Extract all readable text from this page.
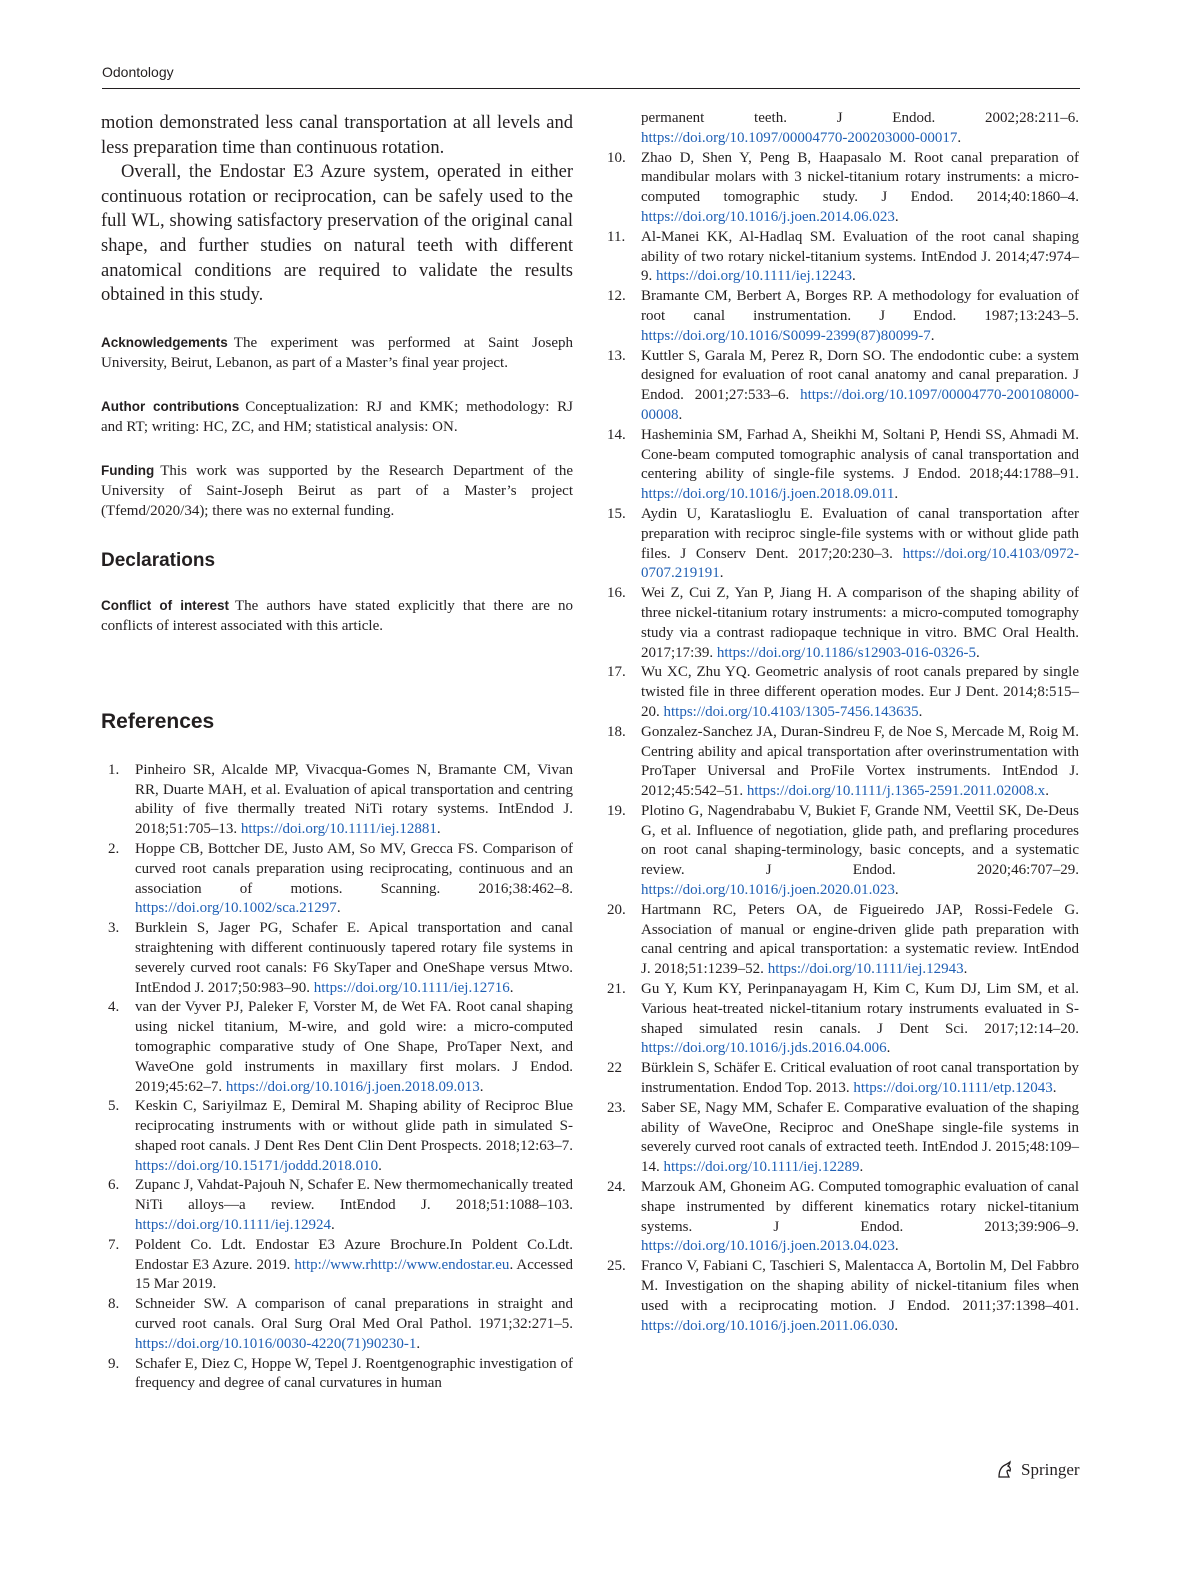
Odontology

motion demonstrated less canal transportation at all levels and less preparation time than continuous rotation.

Overall, the Endostar E3 Azure system, operated in either continuous rotation or reciprocation, can be safely used to the full WL, showing satisfactory preservation of the original canal shape, and further studies on natural teeth with different anatomical conditions are required to validate the results obtained in this study.

Acknowledgements The experiment was performed at Saint Joseph University, Beirut, Lebanon, as part of a Master’s final year project.

Author contributions Conceptualization: RJ and KMK; methodology: RJ and RT; writing: HC, ZC, and HM; statistical analysis: ON.

Funding This work was supported by the Research Department of the University of Saint-Joseph Beirut as part of a Master’s project (Tfemd/2020/34); there was no external funding.

Declarations

Conflict of interest The authors have stated explicitly that there are no conflicts of interest associated with this article.

References
1.	Pinheiro SR, Alcalde MP, Vivacqua-Gomes N, Bramante CM, Vivan RR, Duarte MAH, et al. Evaluation of apical transportation and centring ability of five thermally treated NiTi rotary systems. IntEndod J. 2018;51:705–13. https://doi.org/10.1111/iej.12881.
2.	Hoppe CB, Bottcher DE, Justo AM, So MV, Grecca FS. Comparison of curved root canals preparation using reciprocating, continuous and an association of motions. Scanning. 2016;38:462–8. https://doi.org/10.1002/sca.21297.
3.	Burklein S, Jager PG, Schafer E. Apical transportation and canal straightening with different continuously tapered rotary file systems in severely curved root canals: F6 SkyTaper and OneShape versus Mtwo. IntEndod J. 2017;50:983–90. https://doi.org/10.1111/iej.12716.
4.	van der Vyver PJ, Paleker F, Vorster M, de Wet FA. Root canal shaping using nickel titanium, M-wire, and gold wire: a micro-computed tomographic comparative study of One Shape, ProTaper Next, and WaveOne gold instruments in maxillary first molars. J Endod. 2019;45:62–7. https://doi.org/10.1016/j.joen.2018.09.013.
5.	Keskin C, Sariyilmaz E, Demiral M. Shaping ability of Reciproc Blue reciprocating instruments with or without glide path in simulated S-shaped root canals. J Dent Res Dent Clin Dent Prospects. 2018;12:63–7. https://doi.org/10.15171/joddd.2018.010.
6.	Zupanc J, Vahdat-Pajouh N, Schafer E. New thermomechanically treated NiTi alloys—a review. IntEndod J. 2018;51:1088–103. https://doi.org/10.1111/iej.12924.
7.	Poldent Co. Ldt. Endostar E3 Azure Brochure.In Poldent Co.Ldt. Endostar E3 Azure. 2019. http://www.rhttp://www.endostar.eu. Accessed 15 Mar 2019.
8.	Schneider SW. A comparison of canal preparations in straight and curved root canals. Oral Surg Oral Med Oral Pathol. 1971;32:271–5. https://doi.org/10.1016/0030-4220(71)90230-1.
9.	Schafer E, Diez C, Hoppe W, Tepel J. Roentgenographic investigation of frequency and degree of canal curvatures in human
permanent teeth. J Endod. 2002;28:211–6. https://doi.org/10.1097/00004770-200203000-00017.
10.	Zhao D, Shen Y, Peng B, Haapasalo M. Root canal preparation of mandibular molars with 3 nickel-titanium rotary instruments: a micro-computed tomographic study. J Endod. 2014;40:1860–4. https://doi.org/10.1016/j.joen.2014.06.023.
11.	Al-Manei KK, Al-Hadlaq SM. Evaluation of the root canal shaping ability of two rotary nickel-titanium systems. IntEndod J. 2014;47:974–9. https://doi.org/10.1111/iej.12243.
12.	Bramante CM, Berbert A, Borges RP. A methodology for evaluation of root canal instrumentation. J Endod. 1987;13:243–5. https://doi.org/10.1016/S0099-2399(87)80099-7.
13.	Kuttler S, Garala M, Perez R, Dorn SO. The endodontic cube: a system designed for evaluation of root canal anatomy and canal preparation. J Endod. 2001;27:533–6. https://doi.org/10.1097/00004770-200108000-00008.
14.	Hasheminia SM, Farhad A, Sheikhi M, Soltani P, Hendi SS, Ahmadi M. Cone-beam computed tomographic analysis of canal transportation and centering ability of single-file systems. J Endod. 2018;44:1788–91. https://doi.org/10.1016/j.joen.2018.09.011.
15.	Aydin U, Karataslioglu E. Evaluation of canal transportation after preparation with reciproc single-file systems with or without glide path files. J Conserv Dent. 2017;20:230–3. https://doi.org/10.4103/0972-0707.219191.
16.	Wei Z, Cui Z, Yan P, Jiang H. A comparison of the shaping ability of three nickel-titanium rotary instruments: a micro-computed tomography study via a contrast radiopaque technique in vitro. BMC Oral Health. 2017;17:39. https://doi.org/10.1186/s12903-016-0326-5.
17.	Wu XC, Zhu YQ. Geometric analysis of root canals prepared by single twisted file in three different operation modes. Eur J Dent. 2014;8:515–20. https://doi.org/10.4103/1305-7456.143635.
18.	Gonzalez-Sanchez JA, Duran-Sindreu F, de Noe S, Mercade M, Roig M. Centring ability and apical transportation after overinstrumentation with ProTaper Universal and ProFile Vortex instruments. IntEndod J. 2012;45:542–51. https://doi.org/10.1111/j.1365-2591.2011.02008.x.
19.	Plotino G, Nagendrababu V, Bukiet F, Grande NM, Veettil SK, De-Deus G, et al. Influence of negotiation, glide path, and preflaring procedures on root canal shaping-terminology, basic concepts, and a systematic review. J Endod. 2020;46:707–29. https://doi.org/10.1016/j.joen.2020.01.023.
20.	Hartmann RC, Peters OA, de Figueiredo JAP, Rossi-Fedele G. Association of manual or engine-driven glide path preparation with canal centring and apical transportation: a systematic review. IntEndod J. 2018;51:1239–52. https://doi.org/10.1111/iej.12943.
21.	Gu Y, Kum KY, Perinpanayagam H, Kim C, Kum DJ, Lim SM, et al. Various heat-treated nickel-titanium rotary instruments evaluated in S-shaped simulated resin canals. J Dent Sci. 2017;12:14–20. https://doi.org/10.1016/j.jds.2016.04.006.
22	Bürklein S, Schäfer E. Critical evaluation of root canal transportation by instrumentation. Endod Top. 2013. https://doi.org/10.1111/etp.12043.
23.	Saber SE, Nagy MM, Schafer E. Comparative evaluation of the shaping ability of WaveOne, Reciproc and OneShape single-file systems in severely curved root canals of extracted teeth. IntEndod J. 2015;48:109–14. https://doi.org/10.1111/iej.12289.
24.	Marzouk AM, Ghoneim AG. Computed tomographic evaluation of canal shape instrumented by different kinematics rotary nickel-titanium systems. J Endod. 2013;39:906–9. https://doi.org/10.1016/j.joen.2013.04.023.
25.	Franco V, Fabiani C, Taschieri S, Malentacca A, Bortolin M, Del Fabbro M. Investigation on the shaping ability of nickel-titanium files when used with a reciprocating motion. J Endod. 2011;37:1398–401. https://doi.org/10.1016/j.joen.2011.06.030.
Springer
